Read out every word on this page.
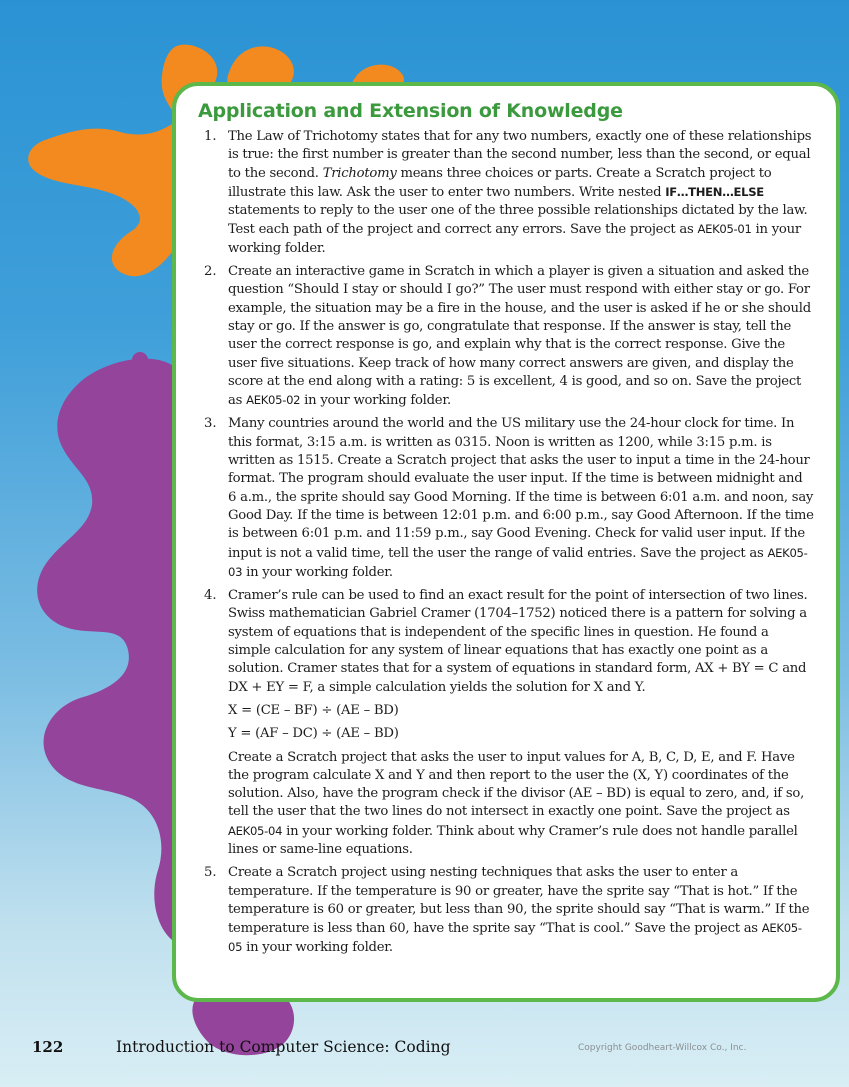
Application and Extension of Knowledge
1. The Law of Trichotomy states that for any two numbers, exactly one of these relationships is true: the first number is greater than the second number, less than the second, or equal to the second. Trichotomy means three choices or parts. Create a Scratch project to illustrate this law. Ask the user to enter two numbers. Write nested IF…THEN…ELSE statements to reply to the user one of the three possible relationships dictated by the law. Test each path of the project and correct any errors. Save the project as AEK05-01 in your working folder.

2. Create an interactive game in Scratch in which a player is given a situation and asked the question “Should I stay or should I go?” The user must respond with either stay or go. For example, the situation may be a fire in the house, and the user is asked if he or she should stay or go. If the answer is go, congratulate that response. If the answer is stay, tell the user the correct response is go, and explain why that is the correct response. Give the user five situations. Keep track of how many correct answers are given, and display the score at the end along with a rating: 5 is excellent, 4 is good, and so on. Save the project as AEK05-02 in your working folder.

3. Many countries around the world and the US military use the 24-hour clock for time. In this format, 3:15 a.m. is written as 0315. Noon is written as 1200, while 3:15 p.m. is written as 1515. Create a Scratch project that asks the user to input a time in the 24-hour format. The program should evaluate the user input. If the time is between midnight and 6 a.m., the sprite should say Good Morning. If the time is between 6:01 a.m. and noon, say Good Day. If the time is between 12:01 p.m. and 6:00 p.m., say Good Afternoon. If the time is between 6:01 p.m. and 11:59 p.m., say Good Evening. Check for valid user input. If the input is not a valid time, tell the user the range of valid entries. Save the project as AEK05-03 in your working folder.

4. Cramer’s rule can be used to find an exact result for the point of intersection of two lines. Swiss mathematician Gabriel Cramer (1704–1752) noticed there is a pattern for solving a system of equations that is independent of the specific lines in question. He found a simple calculation for any system of linear equations that has exactly one point as a solution. Cramer states that for a system of equations in standard form, AX + BY = C and DX + EY = F, a simple calculation yields the solution for X and Y.

X = (CE – BF) ÷ (AE – BD)

Y = (AF – DC) ÷ (AE – BD)

Create a Scratch project that asks the user to input values for A, B, C, D, E, and F. Have the program calculate X and Y and then report to the user the (X, Y) coordinates of the solution. Also, have the program check if the divisor (AE – BD) is equal to zero, and, if so, tell the user that the two lines do not intersect in exactly one point. Save the project as AEK05-04 in your working folder. Think about why Cramer’s rule does not handle parallel lines or same-line equations.

5. Create a Scratch project using nesting techniques that asks the user to enter a temperature. If the temperature is 90 or greater, have the sprite say “That is hot.” If the temperature is 60 or greater, but less than 90, the sprite should say “That is warm.” If the temperature is less than 60, have the sprite say “That is cool.” Save the project as AEK05-05 in your working folder.

122	Introduction to Computer Science: Coding	Copyright Goodheart-Willcox Co., Inc.
